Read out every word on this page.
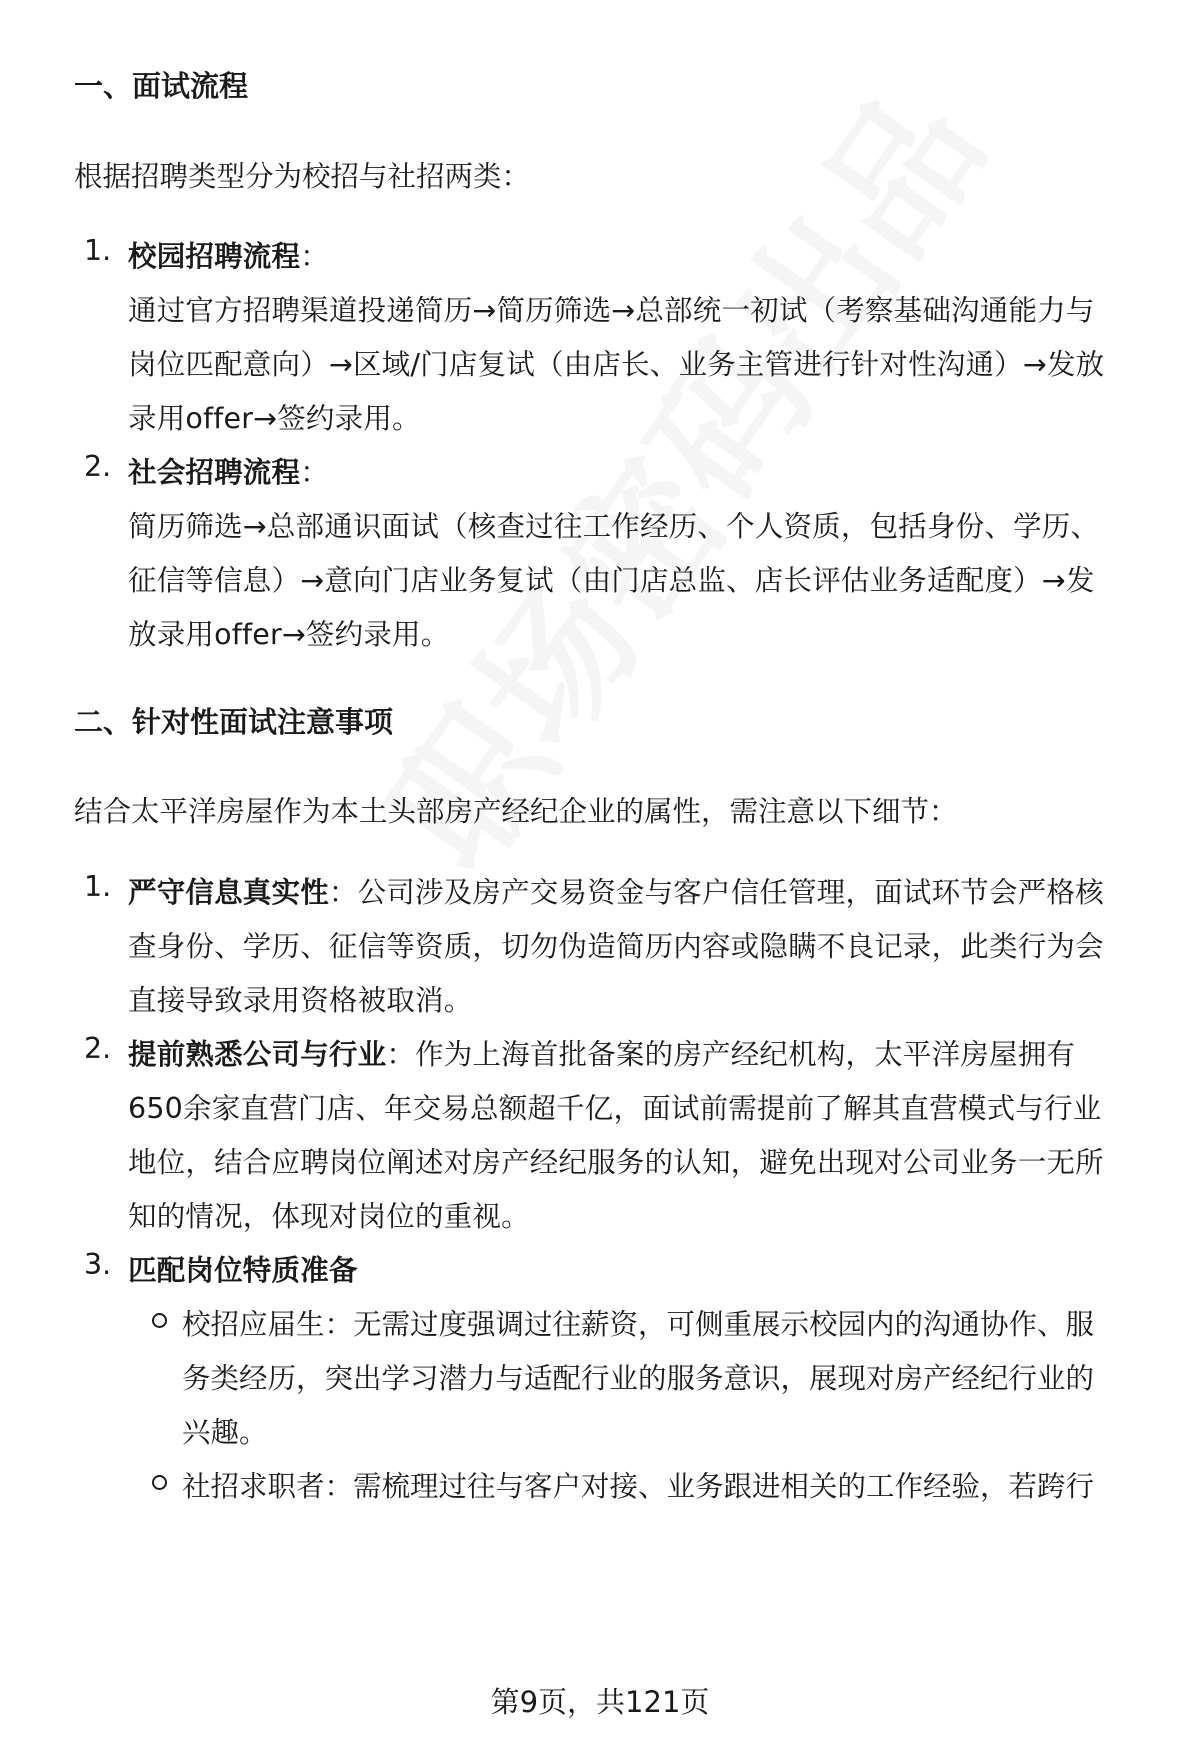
一、面试流程
根据招聘类型分为校招与社招两类：
1. 校园招聘流程：
通过官方招聘渠道投递简历→简历筛选→总部统一初试（考察基础沟通能力与
岗位匹配意向）→区域/门店复试（由店长、业务主管进行针对性沟通）→发放
录用offer→签约录用。
2. 社会招聘流程：
简历筛选→总部通识面试（核查过往工作经历、个人资质，包括身份、学历、
征信等信息）→意向门店业务复试（由门店总监、店长评估业务适配度）→发
放录用offer→签约录用。
二、针对性面试注意事项
结合太平洋房屋作为本土头部房产经纪企业的属性，需注意以下细节：
1. 严守信息真实性：公司涉及房产交易资金与客户信任管理，面试环节会严格核
查身份、学历、征信等资质，切勿伪造简历内容或隐瞒不良记录，此类行为会
直接导致录用资格被取消。
2. 提前熟悉公司与行业：作为上海首批备案的房产经纪机构，太平洋房屋拥有
650余家直营门店、年交易总额超千亿，面试前需提前了解其直营模式与行业
地位，结合应聘岗位阐述对房产经纪服务的认知，避免出现对公司业务一无所
知的情况，体现对岗位的重视。
3. 匹配岗位特质准备
校招应届生：无需过度强调过往薪资，可侧重展示校园内的沟通协作、服
务类经历，突出学习潜力与适配行业的服务意识，展现对房产经纪行业的
兴趣。
社招求职者：需梳理过往与客户对接、业务跟进相关的工作经验，若跨行
第9页，共121页
